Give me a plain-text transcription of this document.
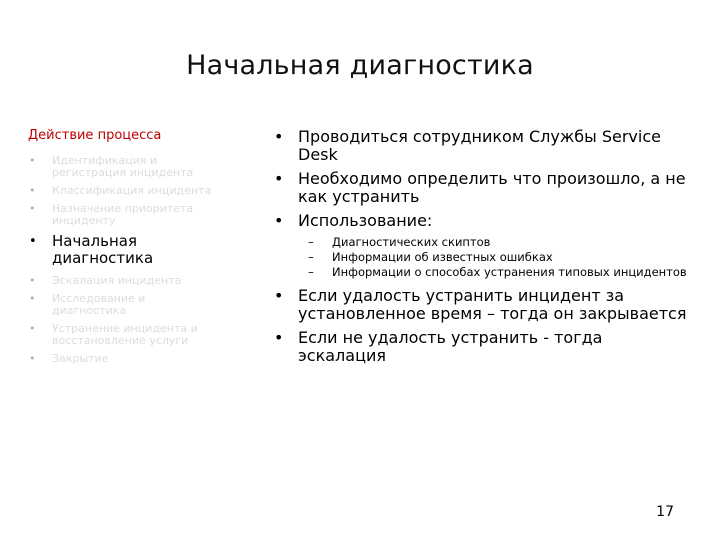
Начальная диагностика
Действие процесса
• Идентификация и регистрация инцидента
• Классификация инцидента
• Назначение приоритета инциденту
• Начальная диагностика
• Эскалация инцидента
• Исследование и диагностика
• Устранение инцидента и восстановление услуги
• Закрытие
• Проводиться сотрудником Службы Service Desk
• Необходимо определить что произошло, а не как устранить
• Использование:
– Диагностических скиптов
– Информации об известных ошибках
– Информации о способах устранения типовых инцидентов
• Если удалость устранить инцидент за установленное время – тогда он закрывается
• Если не удалость устранить - тогда эскалация
17
